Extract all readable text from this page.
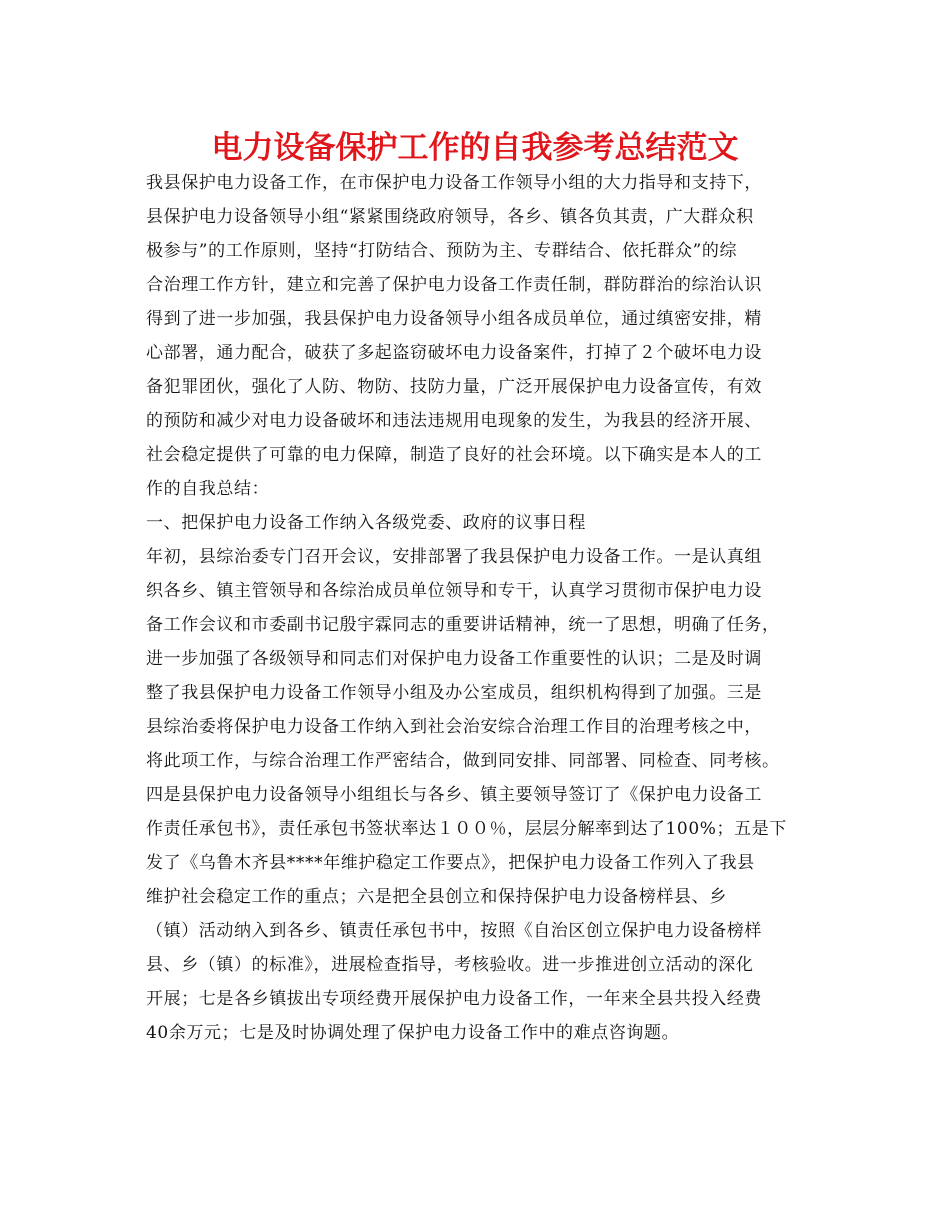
电力设备保护工作的自我参考总结范文
我县保护电力设备工作，在市保护电力设备工作领导小组的大力指导和支持下，
县保护电力设备领导小组“紧紧围绕政府领导，各乡、镇各负其责，广大群众积
极参与”的工作原则，坚持“打防结合、预防为主、专群结合、依托群众”的综
合治理工作方针，建立和完善了保护电力设备工作责任制，群防群治的综治认识
得到了进一步加强，我县保护电力设备领导小组各成员单位，通过缜密安排，精
心部署，通力配合，破获了多起盗窃破坏电力设备案件，打掉了２个破坏电力设
备犯罪团伙，强化了人防、物防、技防力量，广泛开展保护电力设备宣传，有效
的预防和减少对电力设备破坏和违法违规用电现象的发生，为我县的经济开展、
社会稳定提供了可靠的电力保障，制造了良好的社会环境。以下确实是本人的工
作的自我总结：
一、把保护电力设备工作纳入各级党委、政府的议事日程
年初，县综治委专门召开会议，安排部署了我县保护电力设备工作。一是认真组
织各乡、镇主管领导和各综治成员单位领导和专干，认真学习贯彻市保护电力设
备工作会议和市委副书记殷宇霖同志的重要讲话精神，统一了思想，明确了任务，
进一步加强了各级领导和同志们对保护电力设备工作重要性的认识；二是及时调
整了我县保护电力设备工作领导小组及办公室成员，组织机构得到了加强。三是
县综治委将保护电力设备工作纳入到社会治安综合治理工作目的治理考核之中，
将此项工作，与综合治理工作严密结合，做到同安排、同部署、同检查、同考核。
四是县保护电力设备领导小组组长与各乡、镇主要领导签订了《保护电力设备工
作责任承包书》，责任承包书签状率达１００％，层层分解率到达了100%；五是下
发了《乌鲁木齐县****年维护稳定工作要点》，把保护电力设备工作列入了我县
维护社会稳定工作的重点；六是把全县创立和保持保护电力设备榜样县、乡
（镇）活动纳入到各乡、镇责任承包书中，按照《自治区创立保护电力设备榜样
县、乡（镇）的标准》，进展检查指导，考核验收。进一步推进创立活动的深化
开展；七是各乡镇拔出专项经费开展保护电力设备工作，一年来全县共投入经费
40余万元；七是及时协调处理了保护电力设备工作中的难点咨询题。
